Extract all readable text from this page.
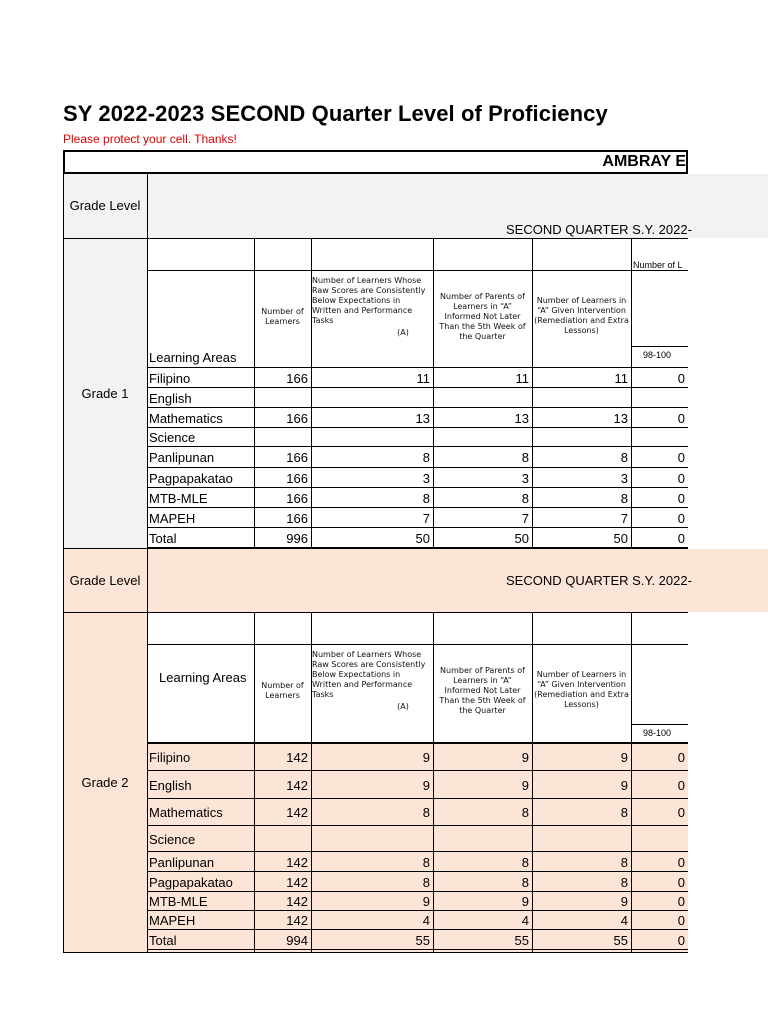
SY 2022-2023 SECOND Quarter Level of Proficiency
Please protect your cell. Thanks!
AMBRAY E
Grade Level
SECOND QUARTER S.Y. 2022-
Number of Learners
Number of Learners Whose Raw Scores are Consistently Below Expectations in Written and Performance Tasks
(A)
Number of Parents of Learners in “A” Informed Not Later Than the 5th Week of the Quarter
Number of Learners in “A” Given Intervention (Remediation and Extra Lessons)
Number of L
98-100
Learning Areas
Filipino	166	11	11	11	0
English
Mathematics	166	13	13	13	0
Science
Panlipunan	166	8	8	8	0
Pagpapakatao	166	3	3	3	0
MTB-MLE	166	8	8	8	0
MAPEH	166	7	7	7	0
Total	996	50	50	50	0
Grade 1
Grade Level	SECOND QUARTER S.Y. 2022-
Number of Learners
Number of Learners Whose Raw Scores are Consistently Below Expectations in Written and Performance Tasks
(A)
Number of Parents of Learners in “A” Informed Not Later Than the 5th Week of the Quarter
Number of Learners in “A” Given Intervention (Remediation and Extra Lessons)
98-100
Learning Areas
Filipino	142	9	9	9	0
English	142	9	9	9	0
Mathematics	142	8	8	8	0
Science
Panlipunan	142	8	8	8	0
Pagpapakatao	142	8	8	8	0
MTB-MLE	142	9	9	9	0
MAPEH	142	4	4	4	0
Total	994	55	55	55	0
Grade 2
